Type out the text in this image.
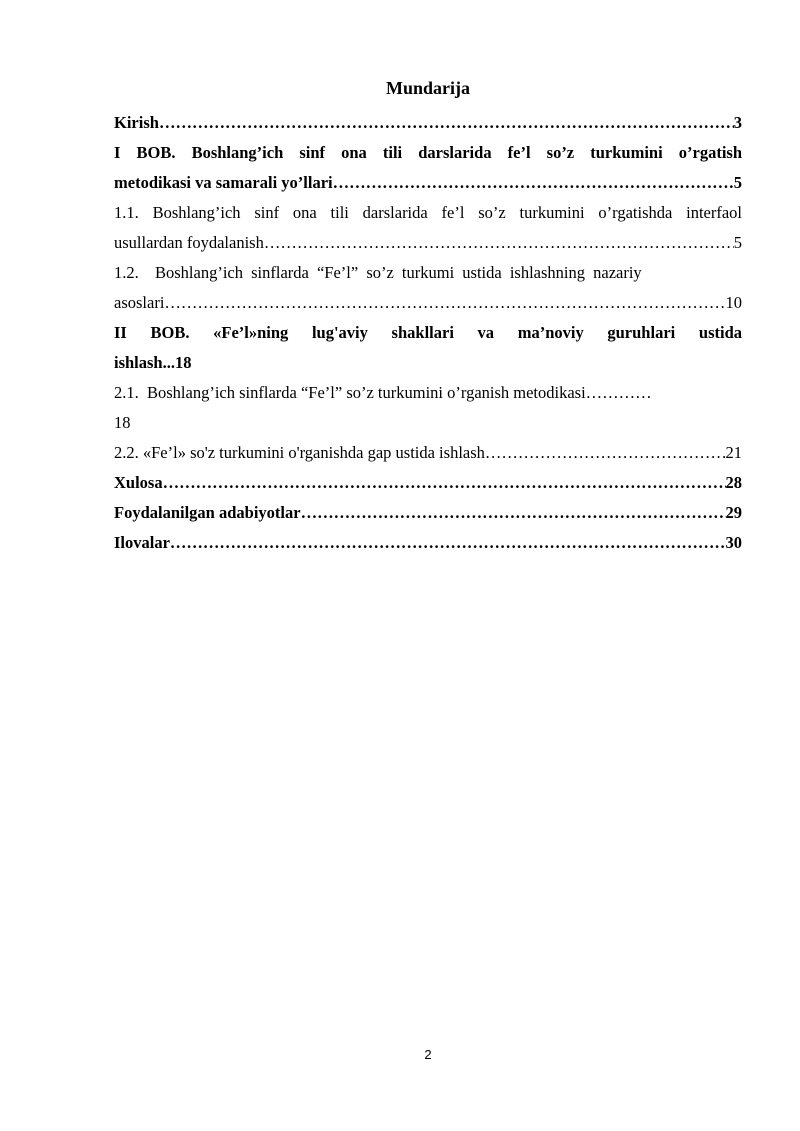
Mundarija
Kirish ………………………………………………………………………………………………………………………………………………………………	3
I BOB. Boshlang’ich sinf ona tili darslarida fe’l so’z turkumini o’rgatish
metodikasi va samarali yo’llari ………………………………………………………………………………………………………………………………………………………………	5
1.1. Boshlang’ich sinf ona tili darslarida fe’l so’z turkumini o’rgatishda interfaol
usullardan foydalanish ………………………………………………………………………………………………………………………………………………………………	5
1.2. Boshlang’ich sinflarda “Fe’l” so’z turkumi ustida ishlashning nazariy
asoslari ………………………………………………………………………………………………………………………………………………………………	10
II BOB. «Fe’l»ning lug'aviy shakllari va ma’noviy guruhlari ustida
ishlash...18
2.1. Boshlang’ich sinflarda “Fe’l” so’z turkumini o’rganish metodikasi…………
18
2.2. «Fe’l» so'z turkumini o'rganishda gap ustida ishlash ………………………………………………………………………………………………………………………………………………………………	21
Xulosa ………………………………………………………………………………………………………………………………………………………………	28
Foydalanilgan adabiyotlar ………………………………………………………………………………………………………………………………………………………………	29
Ilovalar ………………………………………………………………………………………………………………………………………………………………	30
2
